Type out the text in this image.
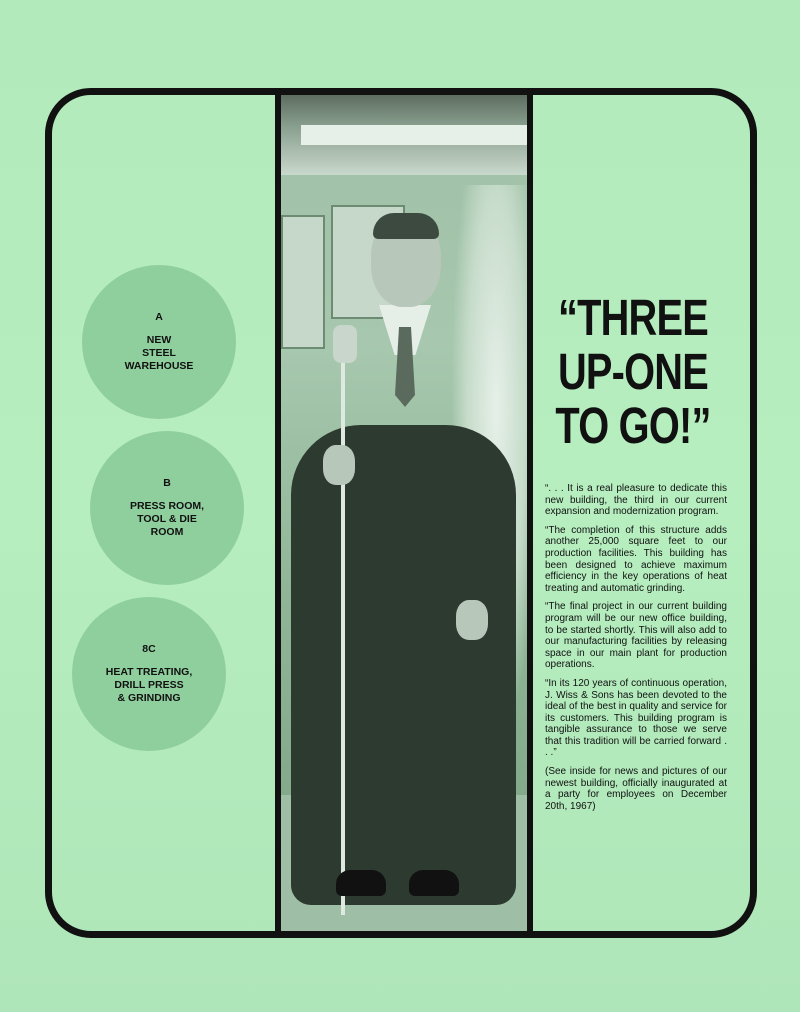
A
NEW
STEEL
WAREHOUSE
B
PRESS ROOM,
TOOL & DIE
ROOM
8C
HEAT TREATING,
DRILL PRESS
& GRINDING
“THREE
UP-ONE
TO GO!”

“. . . It is a real pleasure to dedicate this new building, the third in our current expansion and modernization program.

“The completion of this structure adds another 25,000 square feet to our production facilities. This building has been designed to achieve maximum efficiency in the key operations of heat treating and automatic grinding.

“The final project in our current building program will be our new office building, to be started shortly. This will also add to our manufacturing facilities by releasing space in our main plant for production operations.

“In its 120 years of continuous operation, J. Wiss & Sons has been devoted to the ideal of the best in quality and service for its customers. This building program is tangible assurance to those we serve that this tradition will be carried forward . . .”

(See inside for news and pictures of our newest building, officially inaugurated at a party for employees on December 20th, 1967)
